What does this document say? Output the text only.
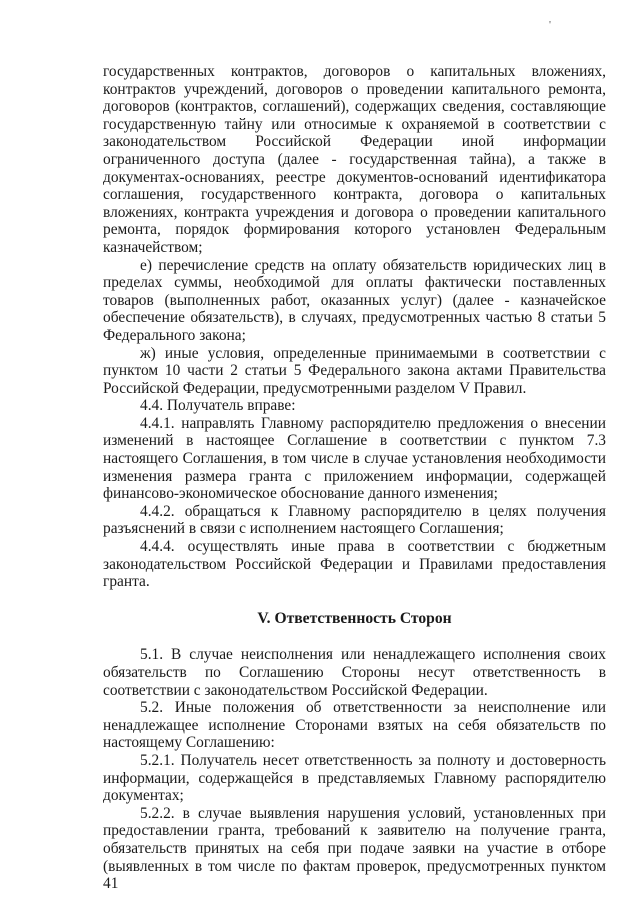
'

государственных контрактов, договоров о капитальных вложениях, контрактов учреждений, договоров о проведении капитального ремонта, договоров (контрактов, соглашений), содержащих сведения, составляющие государственную тайну или относимые к охраняемой в соответствии с законодательством Российской Федерации иной информации ограниченного доступа (далее - государственная тайна), а также в документах-основаниях, реестре документов-оснований идентификатора соглашения, государственного контракта, договора о капитальных вложениях, контракта учреждения и договора о проведении капитального ремонта, порядок формирования которого установлен Федеральным казначейством;

е) перечисление средств на оплату обязательств юридических лиц в пределах суммы, необходимой для оплаты фактически поставленных товаров (выполненных работ, оказанных услуг) (далее - казначейское обеспечение обязательств), в случаях, предусмотренных частью 8 статьи 5 Федерального закона;

ж) иные условия, определенные принимаемыми в соответствии с пунктом 10 части 2 статьи 5 Федерального закона актами Правительства Российской Федерации, предусмотренными разделом V Правил.

4.4. Получатель вправе:

4.4.1. направлять Главному распорядителю предложения о внесении изменений в настоящее Соглашение в соответствии с пунктом 7.3 настоящего Соглашения, в том числе в случае установления необходимости изменения размера гранта с приложением информации, содержащей финансово-экономическое обоснование данного изменения;

4.4.2. обращаться к Главному распорядителю в целях получения разъяснений в связи с исполнением настоящего Соглашения;

4.4.4. осуществлять иные права в соответствии с бюджетным законодательством Российской Федерации и Правилами предоставления гранта.

V. Ответственность Сторон

5.1. В случае неисполнения или ненадлежащего исполнения своих обязательств по Соглашению Стороны несут ответственность в соответствии с законодательством Российской Федерации.

5.2. Иные положения об ответственности за неисполнение или ненадлежащее исполнение Сторонами взятых на себя обязательств по настоящему Соглашению:

5.2.1. Получатель несет ответственность за полноту и достоверность информации, содержащейся в представляемых Главному распорядителю документах;

5.2.2. в случае выявления нарушения условий, установленных при предоставлении гранта, требований к заявителю на получение гранта, обязательств принятых на себя при подаче заявки на участие в отборе (выявленных в том числе по фактам проверок, предусмотренных пунктом 41
